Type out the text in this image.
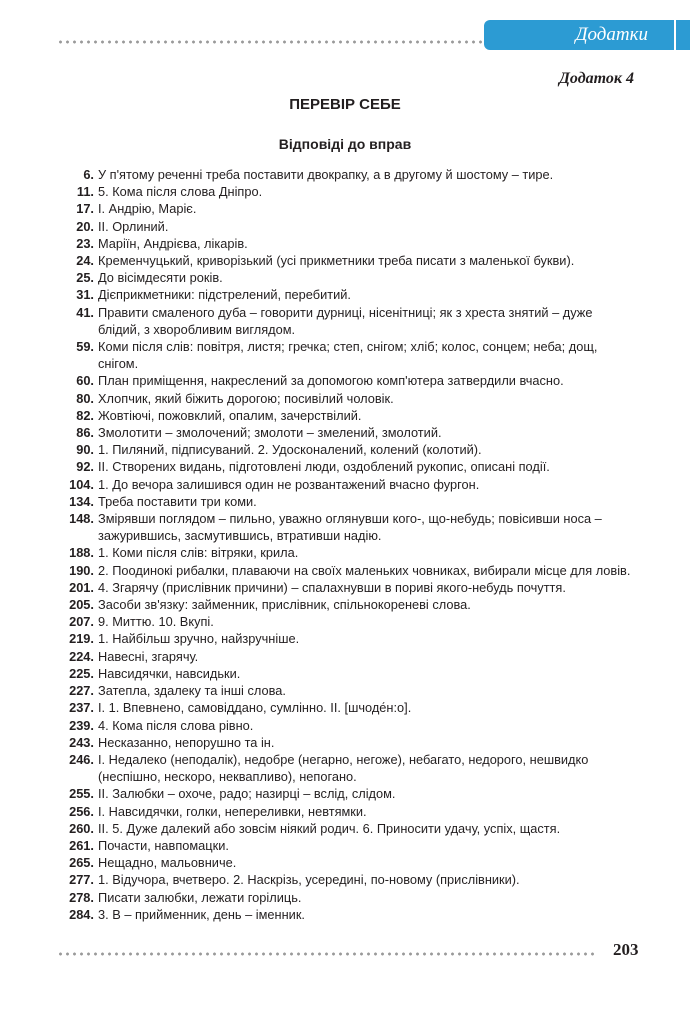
Додатки
Додаток 4
ПЕРЕВІР СЕБЕ
Відповіді до вправ
6. У п'ятому реченні треба поставити двокрапку, а в другому й шостому – тире.
11. 5. Кома після слова Дніпро.
17. І. Андрію, Маріє.
20. ІІ. Орлиний.
23. Маріїн, Андрієва, лікарів.
24. Кременчуцький, криворізький (усі прикметники треба писати з маленької букви).
25. До вісімдесяти років.
31. Дієприкметники: підстрелений, перебитий.
41. Правити смаленого дуба – говорити дурниці, нісенітниці; як з хреста знятий – дуже блідий, з хворобливим виглядом.
59. Коми після слів: повітря, листя; гречка; степ, снігом; хліб; колос, сонцем; неба; дощ, снігом.
60. План приміщення, накреслений за допомогою комп'ютера затвердили вчасно.
80. Хлопчик, який біжить дорогою; посивілий чоловік.
82. Жовтіючі, пожовклий, опалим, зачерствілий.
86. Змолотити – змолочений; змолоти – змелений, змолотий.
90. 1. Пиляний, підписуваний. 2. Удосконалений, колений (колотий).
92. ІІ. Створених видань, підготовлені люди, оздоблений рукопис, описані події.
104. 1. До вечора залишився один не розвантажений вчасно фургон.
134. Треба поставити три коми.
148. Змірявши поглядом – пильно, уважно оглянувши кого-, що-небудь; повісивши носа – зажурившись, засмутившись, втративши надію.
188. 1. Коми після слів: вітряки, крила.
190. 2. Поодинокі рибалки, плаваючи на своїх маленьких човниках, вибирали місце для ловів.
201. 4. Згарячу (прислівник причини) – спалахнувши в пориві якого-небудь почуття.
205. Засоби зв'язку: займенник, прислівник, спільнокореневі слова.
207. 9. Миттю. 10. Вкупі.
219. 1. Найбільш зручно, найзручніше.
224. Навесні, згарячу.
225. Навсидячки, навсидьки.
227. Затепла, здалеку та інші слова.
237. І. 1. Впевнено, самовіддано, сумлінно. ІІ. [шчоде́н:о].
239. 4. Кома після слова рівно.
243. Несказанно, непорушно та ін.
246. І. Недалеко (неподалік), недобре (негарно, негоже), небагато, недорого, нешвидко (неспішно, нескоро, неквапливо), непогано.
255. ІІ. Залюбки – охоче, радо; назирці – вслід, слідом.
256. І. Навсидячки, голки, непереливки, невтямки.
260. ІІ. 5. Дуже далекий або зовсім ніякий родич. 6. Приносити удачу, успіх, щастя.
261. Почасти, навпомацки.
265. Нещадно, мальовниче.
277. 1. Відучора, вчетверо. 2. Наскрізь, усередині, по-новому (прислівники).
278. Писати залюбки, лежати горілиць.
284. 3. В – прийменник, день – іменник.
203
